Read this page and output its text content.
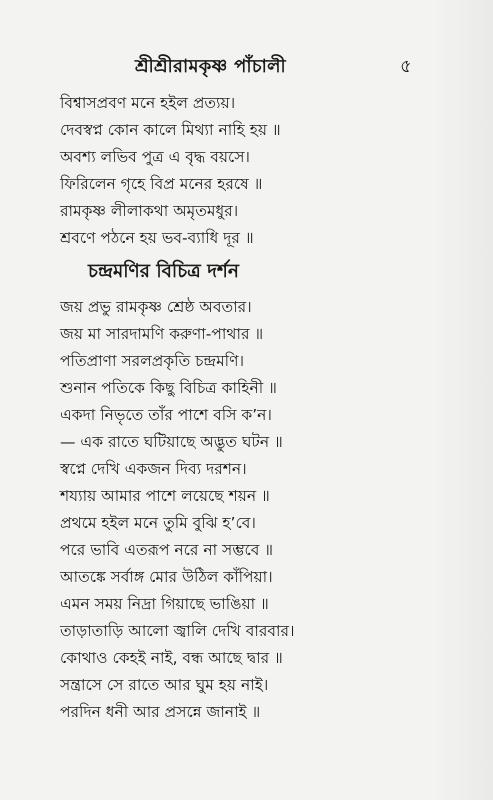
শ্রীশ্রীরামকৃষ্ণ পাঁচালী	৫
বিশ্বাসপ্রবণ মনে হইল প্রত্যয়।
দেবস্বপ্ন কোন কালে মিথ্যা নাহি হয় ॥
অবশ্য লভিব পুত্র এ বৃদ্ধ বয়সে।
ফিরিলেন গৃহে বিপ্র মনের হরষে ॥
রামকৃষ্ণ লীলাকথা অমৃতমধুর।
শ্রবণে পঠনে হয় ভব-ব্যাধি দূর ॥
চন্দ্রমণির বিচিত্র দর্শন
জয় প্রভু রামকৃষ্ণ শ্রেষ্ঠ অবতার।
জয় মা সারদামণি করুণা-পাথার ॥
পতিপ্রাণা সরলপ্রকৃতি চন্দ্রমণি।
শুনান পতিকে কিছু বিচিত্র কাহিনী ॥
একদা নিভৃতে তাঁর পাশে বসি ক’ন।
— এক রাতে ঘটিয়াছে অদ্ভুত ঘটন ॥
স্বপ্নে দেখি একজন দিব্য দরশন।
শয্যায় আমার পাশে লয়েছে শয়ন ॥
প্রথমে হইল মনে তুমি বুঝি হ’বে।
পরে ভাবি এতরূপ নরে না সম্ভবে ॥
আতঙ্কে সর্বাঙ্গ মোর উঠিল কাঁপিয়া।
এমন সময় নিদ্রা গিয়াছে ভাঙিয়া ॥
তাড়াতাড়ি আলো জ্বালি দেখি বারবার।
কোথাও কেহই নাই, বন্ধ আছে দ্বার ॥
সন্ত্রাসে সে রাতে আর ঘুম হয় নাই।
পরদিন ধনী আর প্রসন্নে জানাই ॥
